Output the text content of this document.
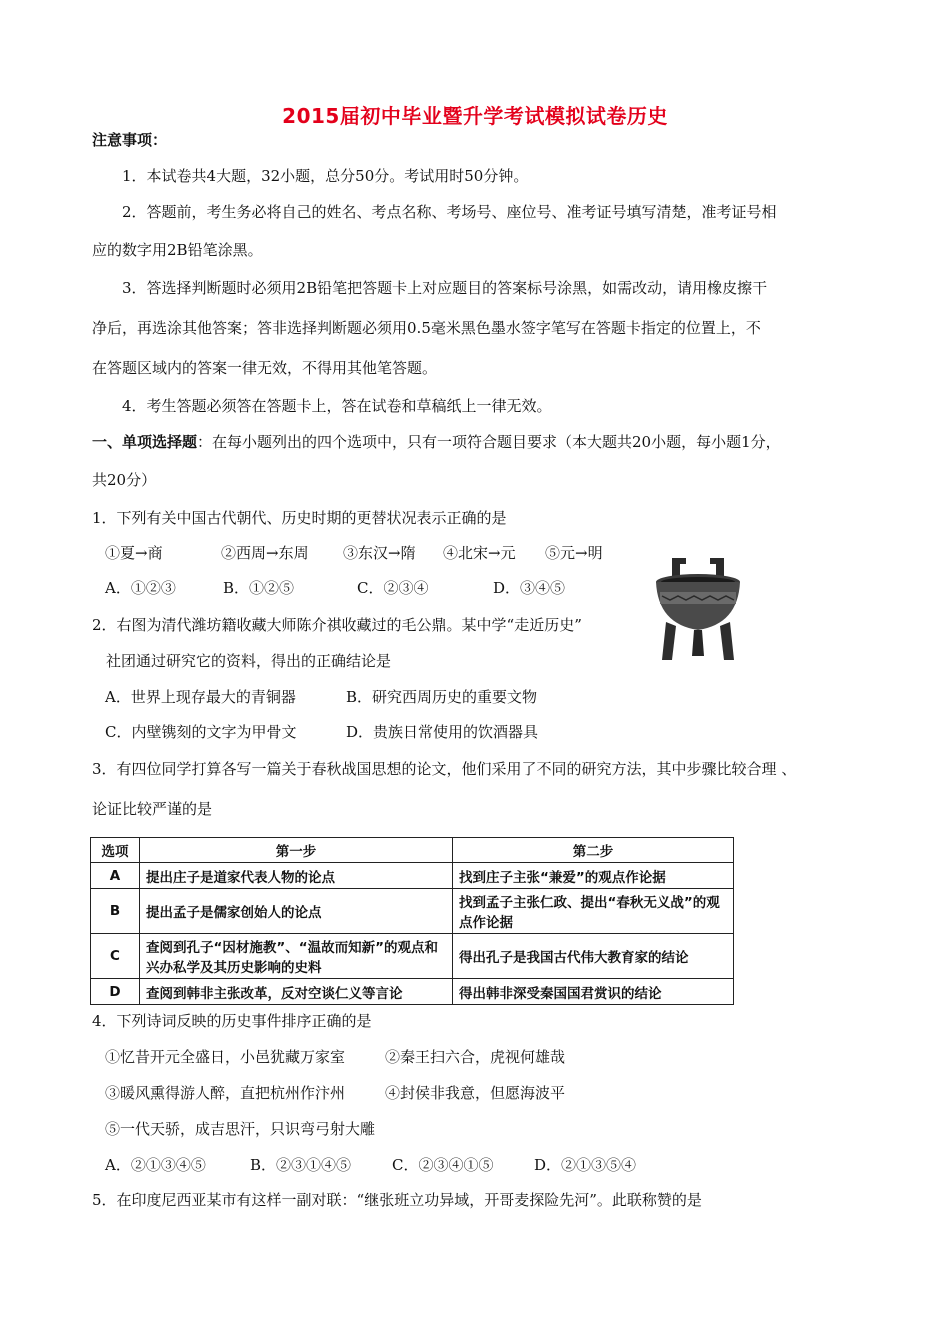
2015届初中毕业暨升学考试模拟试卷历史
注意事项：
1．本试卷共4大题，32小题，总分50分。考试用时50分钟。
2．答题前，考生务必将自己的姓名、考点名称、考场号、座位号、准考证号填写清楚，准考证号相
应的数字用2B铅笔涂黑。
3．答选择判断题时必须用2B铅笔把答题卡上对应题目的答案标号涂黑，如需改动，请用橡皮擦干
净后，再选涂其他答案；答非选择判断题必须用0.5毫米黑色墨水签字笔写在答题卡指定的位置上，不
在答题区域内的答案一律无效，不得用其他笔答题。
4．考生答题必须答在答题卡上，答在试卷和草稿纸上一律无效。
一、单项选择题：在每小题列出的四个选项中，只有一项符合题目要求（本大题共20小题，每小题1分，
共20分）
1．下列有关中国古代朝代、历史时期的更替状况表示正确的是
①夏→商	②西周→东周 ③东汉→隋 ④北宋→元 ⑤元→明
A．①②③	B．①②⑤	C．②③④	D．③④⑤
2．右图为清代潍坊籍收藏大师陈介祺收藏过的毛公鼎。某中学“走近历史”
社团通过研究它的资料，得出的正确结论是
A．世界上现存最大的青铜器	B．研究西周历史的重要文物
C．内壁镌刻的文字为甲骨文	D．贵族日常使用的饮酒器具
3．有四位同学打算各写一篇关于春秋战国思想的论文，他们采用了不同的研究方法，其中步骤比较合理 、
论证比较严谨的是
选项	第一步	第二步
A	提出庄子是道家代表人物的论点	找到庄子主张“兼爱”的观点作论据
B	提出孟子是儒家创始人的论点	找到孟子主张仁政、提出“春秋无义战”的观点作论据
C	查阅到孔子“因材施教”、“温故而知新”的观点和兴办私学及其历史影响的史料	得出孔子是我国古代伟大教育家的结论
D	查阅到韩非主张改革，反对空谈仁义等言论	得出韩非深受秦国国君赏识的结论
4．下列诗词反映的历史事件排序正确的是
①忆昔开元全盛日，小邑犹藏万家室	②秦王扫六合，虎视何雄哉
③暖风熏得游人醉，直把杭州作汴州	④封侯非我意，但愿海波平
⑤一代天骄，成吉思汗，只识弯弓射大雕
A．②①③④⑤	B．②③①④⑤	C．②③④①⑤	D．②①③⑤④
5．在印度尼西亚某市有这样一副对联：“继张班立功异域，开哥麦探险先河”。此联称赞的是
